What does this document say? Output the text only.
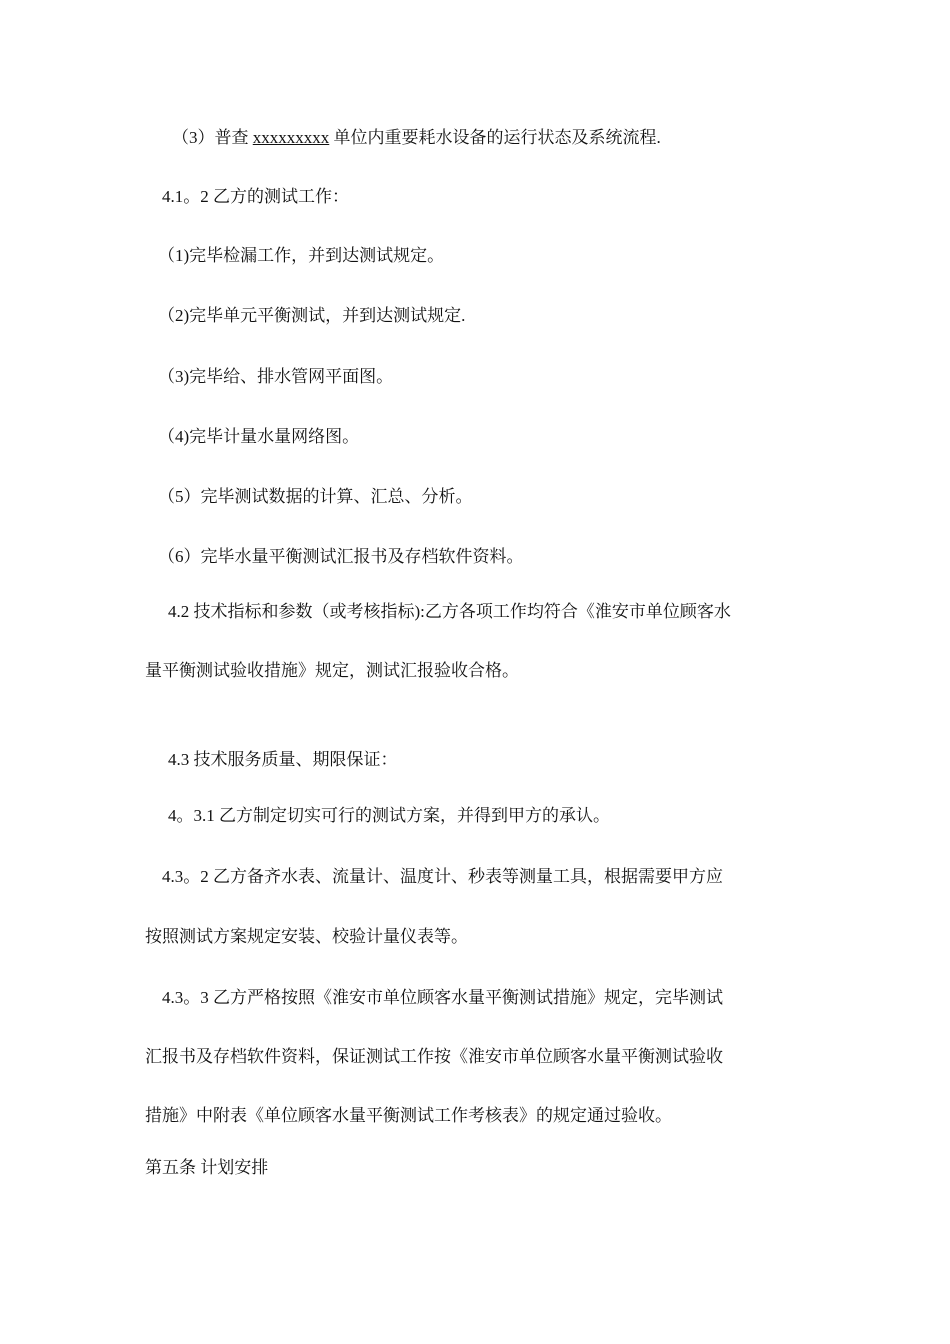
（3）普查 xxxxxxxxx 单位内重要耗水设备的运行状态及系统流程.
4.1。2 乙方的测试工作：
（1)完毕检漏工作，并到达测试规定。
（2)完毕单元平衡测试，并到达测试规定.
（3)完毕给、排水管网平面图。
（4)完毕计量水量网络图。
（5）完毕测试数据的计算、汇总、分析。
（6）完毕水量平衡测试汇报书及存档软件资料。
4.2 技术指标和参数（或考核指标):乙方各项工作均符合《淮安市单位顾客水
量平衡测试验收措施》规定，测试汇报验收合格。
4.3 技术服务质量、期限保证：
4。3.1 乙方制定切实可行的测试方案，并得到甲方的承认。
4.3。2 乙方备齐水表、流量计、温度计、秒表等测量工具，根据需要甲方应
按照测试方案规定安装、校验计量仪表等。
4.3。3 乙方严格按照《淮安市单位顾客水量平衡测试措施》规定，完毕测试
汇报书及存档软件资料，保证测试工作按《淮安市单位顾客水量平衡测试验收
措施》中附表《单位顾客水量平衡测试工作考核表》的规定通过验收。
第五条 计划安排
